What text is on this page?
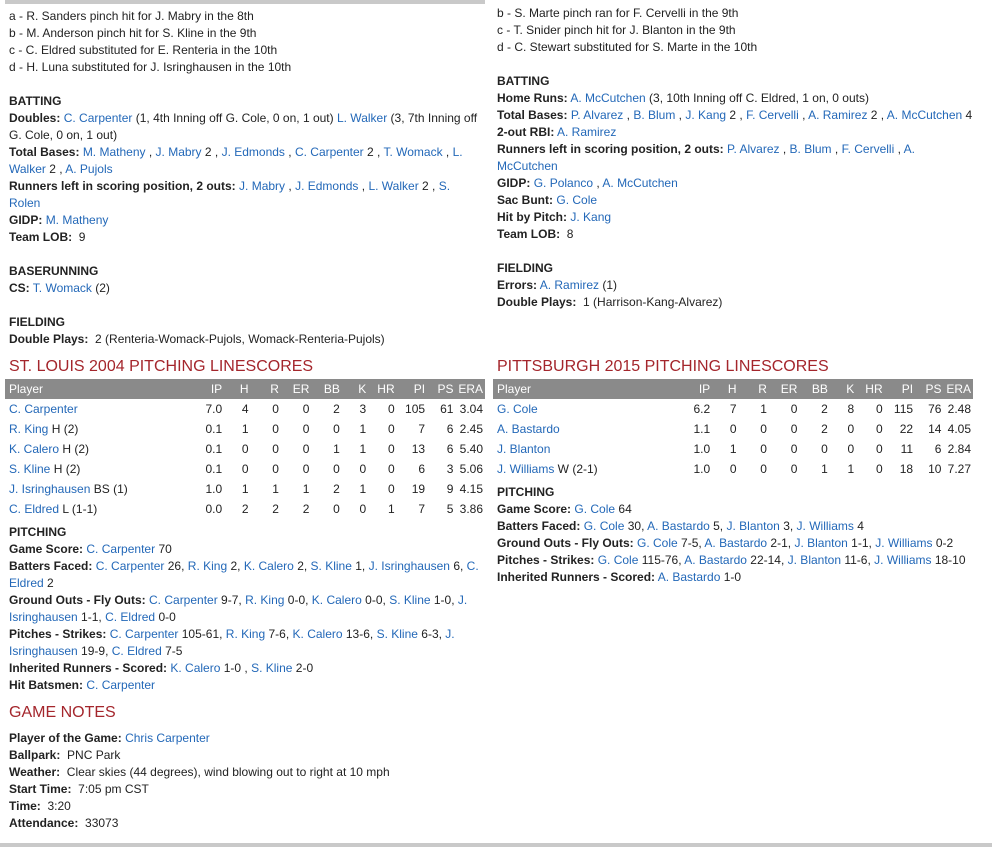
a - R. Sanders pinch hit for J. Mabry in the 8th

b - M. Anderson pinch hit for S. Kline in the 9th

c - C. Eldred substituted for E. Renteria in the 10th

d - H. Luna substituted for J. Isringhausen in the 10th

BATTING

Doubles: C. Carpenter (1, 4th Inning off G. Cole, 0 on, 1 out) L. Walker (3, 7th Inning off G. Cole, 0 on, 1 out)

Total Bases: M. Matheny , J. Mabry 2 , J. Edmonds , C. Carpenter 2 , T. Womack , L. Walker 2 , A. Pujols

Runners left in scoring position, 2 outs: J. Mabry , J. Edmonds , L. Walker 2 , S. Rolen

GIDP: M. Matheny

Team LOB: 9

BASERUNNING

CS: T. Womack (2)

FIELDING

Double Plays: 2 (Renteria-Womack-Pujols, Womack-Renteria-Pujols)

ST. LOUIS 2004 PITCHING LINESCORES
Player	IP	H	R	ER	BB	K	HR	PI	PS	ERA
C. Carpenter	7.0	4	0	0	2	3	0	105	61	3.04
R. King H (2)	0.1	1	0	0	0	1	0	7	6	2.45
K. Calero H (2)	0.1	0	0	0	1	1	0	13	6	5.40
S. Kline H (2)	0.1	0	0	0	0	0	0	6	3	5.06
J. Isringhausen BS (1)	1.0	1	1	1	2	1	0	19	9	4.15
C. Eldred L (1-1)	0.0	2	2	2	0	0	1	7	5	3.86

PITCHING

Game Score: C. Carpenter 70

Batters Faced: C. Carpenter 26, R. King 2, K. Calero 2, S. Kline 1, J. Isringhausen 6, C. Eldred 2

Ground Outs - Fly Outs: C. Carpenter 9-7, R. King 0-0, K. Calero 0-0, S. Kline 1-0, J. Isringhausen 1-1, C. Eldred 0-0

Pitches - Strikes: C. Carpenter 105-61, R. King 7-6, K. Calero 13-6, S. Kline 6-3, J. Isringhausen 19-9, C. Eldred 7-5

Inherited Runners - Scored: K. Calero 1-0 , S. Kline 2-0

Hit Batsmen: C. Carpenter

GAME NOTES

Player of the Game: Chris Carpenter

Ballpark: PNC Park

Weather: Clear skies (44 degrees), wind blowing out to right at 10 mph

Start Time: 7:05 pm CST

Time: 3:20

Attendance: 33073

b - S. Marte pinch ran for F. Cervelli in the 9th

c - T. Snider pinch hit for J. Blanton in the 9th

d - C. Stewart substituted for S. Marte in the 10th

BATTING

Home Runs: A. McCutchen (3, 10th Inning off C. Eldred, 1 on, 0 outs)

Total Bases: P. Alvarez , B. Blum , J. Kang 2 , F. Cervelli , A. Ramirez 2 , A. McCutchen 4

2-out RBI: A. Ramirez

Runners left in scoring position, 2 outs: P. Alvarez , B. Blum , F. Cervelli , A. McCutchen

GIDP: G. Polanco , A. McCutchen

Sac Bunt: G. Cole

Hit by Pitch: J. Kang

Team LOB: 8

FIELDING

Errors: A. Ramirez (1)

Double Plays: 1 (Harrison-Kang-Alvarez)

PITTSBURGH 2015 PITCHING LINESCORES
Player	IP	H	R	ER	BB	K	HR	PI	PS	ERA
G. Cole	6.2	7	1	0	2	8	0	115	76	2.48
A. Bastardo	1.1	0	0	0	2	0	0	22	14	4.05
J. Blanton	1.0	1	0	0	0	0	0	11	6	2.84
J. Williams W (2-1)	1.0	0	0	0	1	1	0	18	10	7.27

PITCHING

Game Score: G. Cole 64

Batters Faced: G. Cole 30, A. Bastardo 5, J. Blanton 3, J. Williams 4

Ground Outs - Fly Outs: G. Cole 7-5, A. Bastardo 2-1, J. Blanton 1-1, J. Williams 0-2

Pitches - Strikes: G. Cole 115-76, A. Bastardo 22-14, J. Blanton 11-6, J. Williams 18-10

Inherited Runners - Scored: A. Bastardo 1-0
